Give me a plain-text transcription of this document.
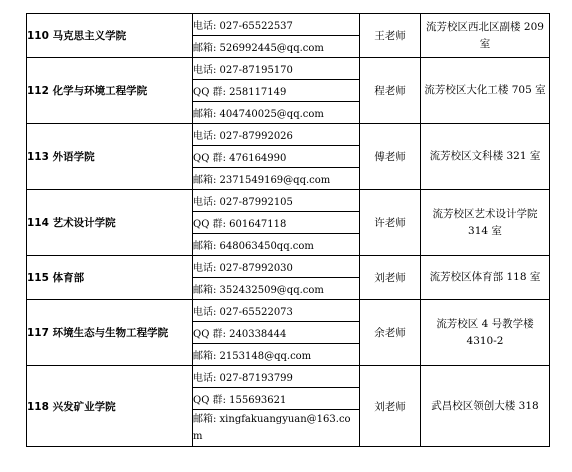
110 马克思主义学院	电话: 027-65522537	王老师	流芳校区西北区副楼 209 室
	邮箱: 526992445@qq.com		
112 化学与环境工程学院	电话: 027-87195170	程老师	流芳校区大化工楼 705 室
	QQ 群: 258117149		
	邮箱: 404740025@qq.com		
113 外语学院	电话: 027-87992026	傅老师	流芳校区文科楼 321 室
	QQ 群: 476164990		
	邮箱: 2371549169@qq.com		
114 艺术设计学院	电话: 027-87992105	许老师	流芳校区艺术设计学院 314 室
	QQ 群: 601647118		
	邮箱: 648063450qq.com		
115 体育部	电话: 027-87992030	刘老师	流芳校区体育部 118 室
	邮箱: 352432509@qq.com		
117 环境生态与生物工程学院	电话: 027-65522073	余老师	流芳校区 4 号教学楼 4310-2
	QQ 群: 240338444		
	邮箱: 2153148@qq.com		
118 兴发矿业学院	电话: 027-87193799	刘老师	武昌校区领创大楼 318
	QQ 群: 155693621		
	邮箱: xingfakuangyuan@163.com		
